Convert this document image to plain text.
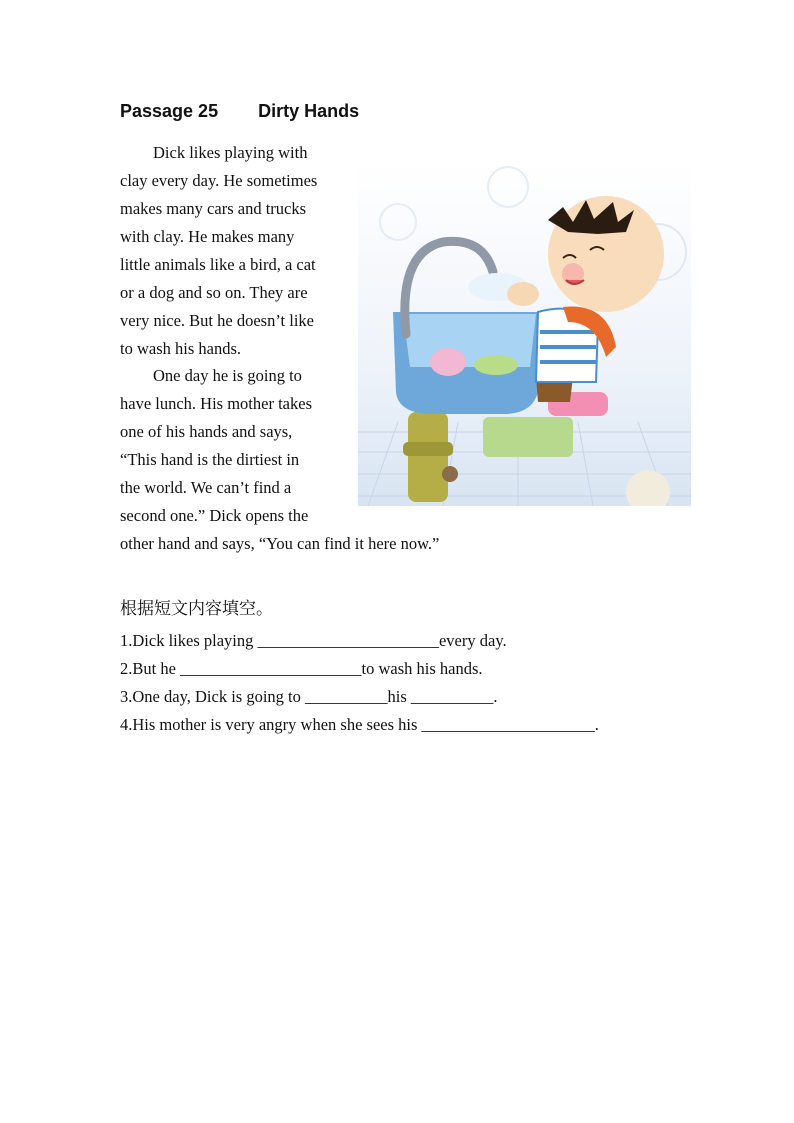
Passage 25        Dirty Hands
Dick likes playing with
clay every day. He sometimes
makes many cars and trucks
with clay. He makes many
little animals like a bird, a cat
or a dog and so on. They are
very nice. But he doesn’t like
to wash his hands.
One day he is going to
have lunch. His mother takes
one of his hands and says,
“This hand is the dirtiest in
the world. We can’t find a
second one.” Dick opens the
other hand and says, “You can find it here now.”
根据短文内容填空。
1.Dick likes playing ______________________every day.
2.But he ______________________to wash his hands.
3.One day, Dick is going to __________his __________.
4.His mother is very angry when she sees his _____________________.
